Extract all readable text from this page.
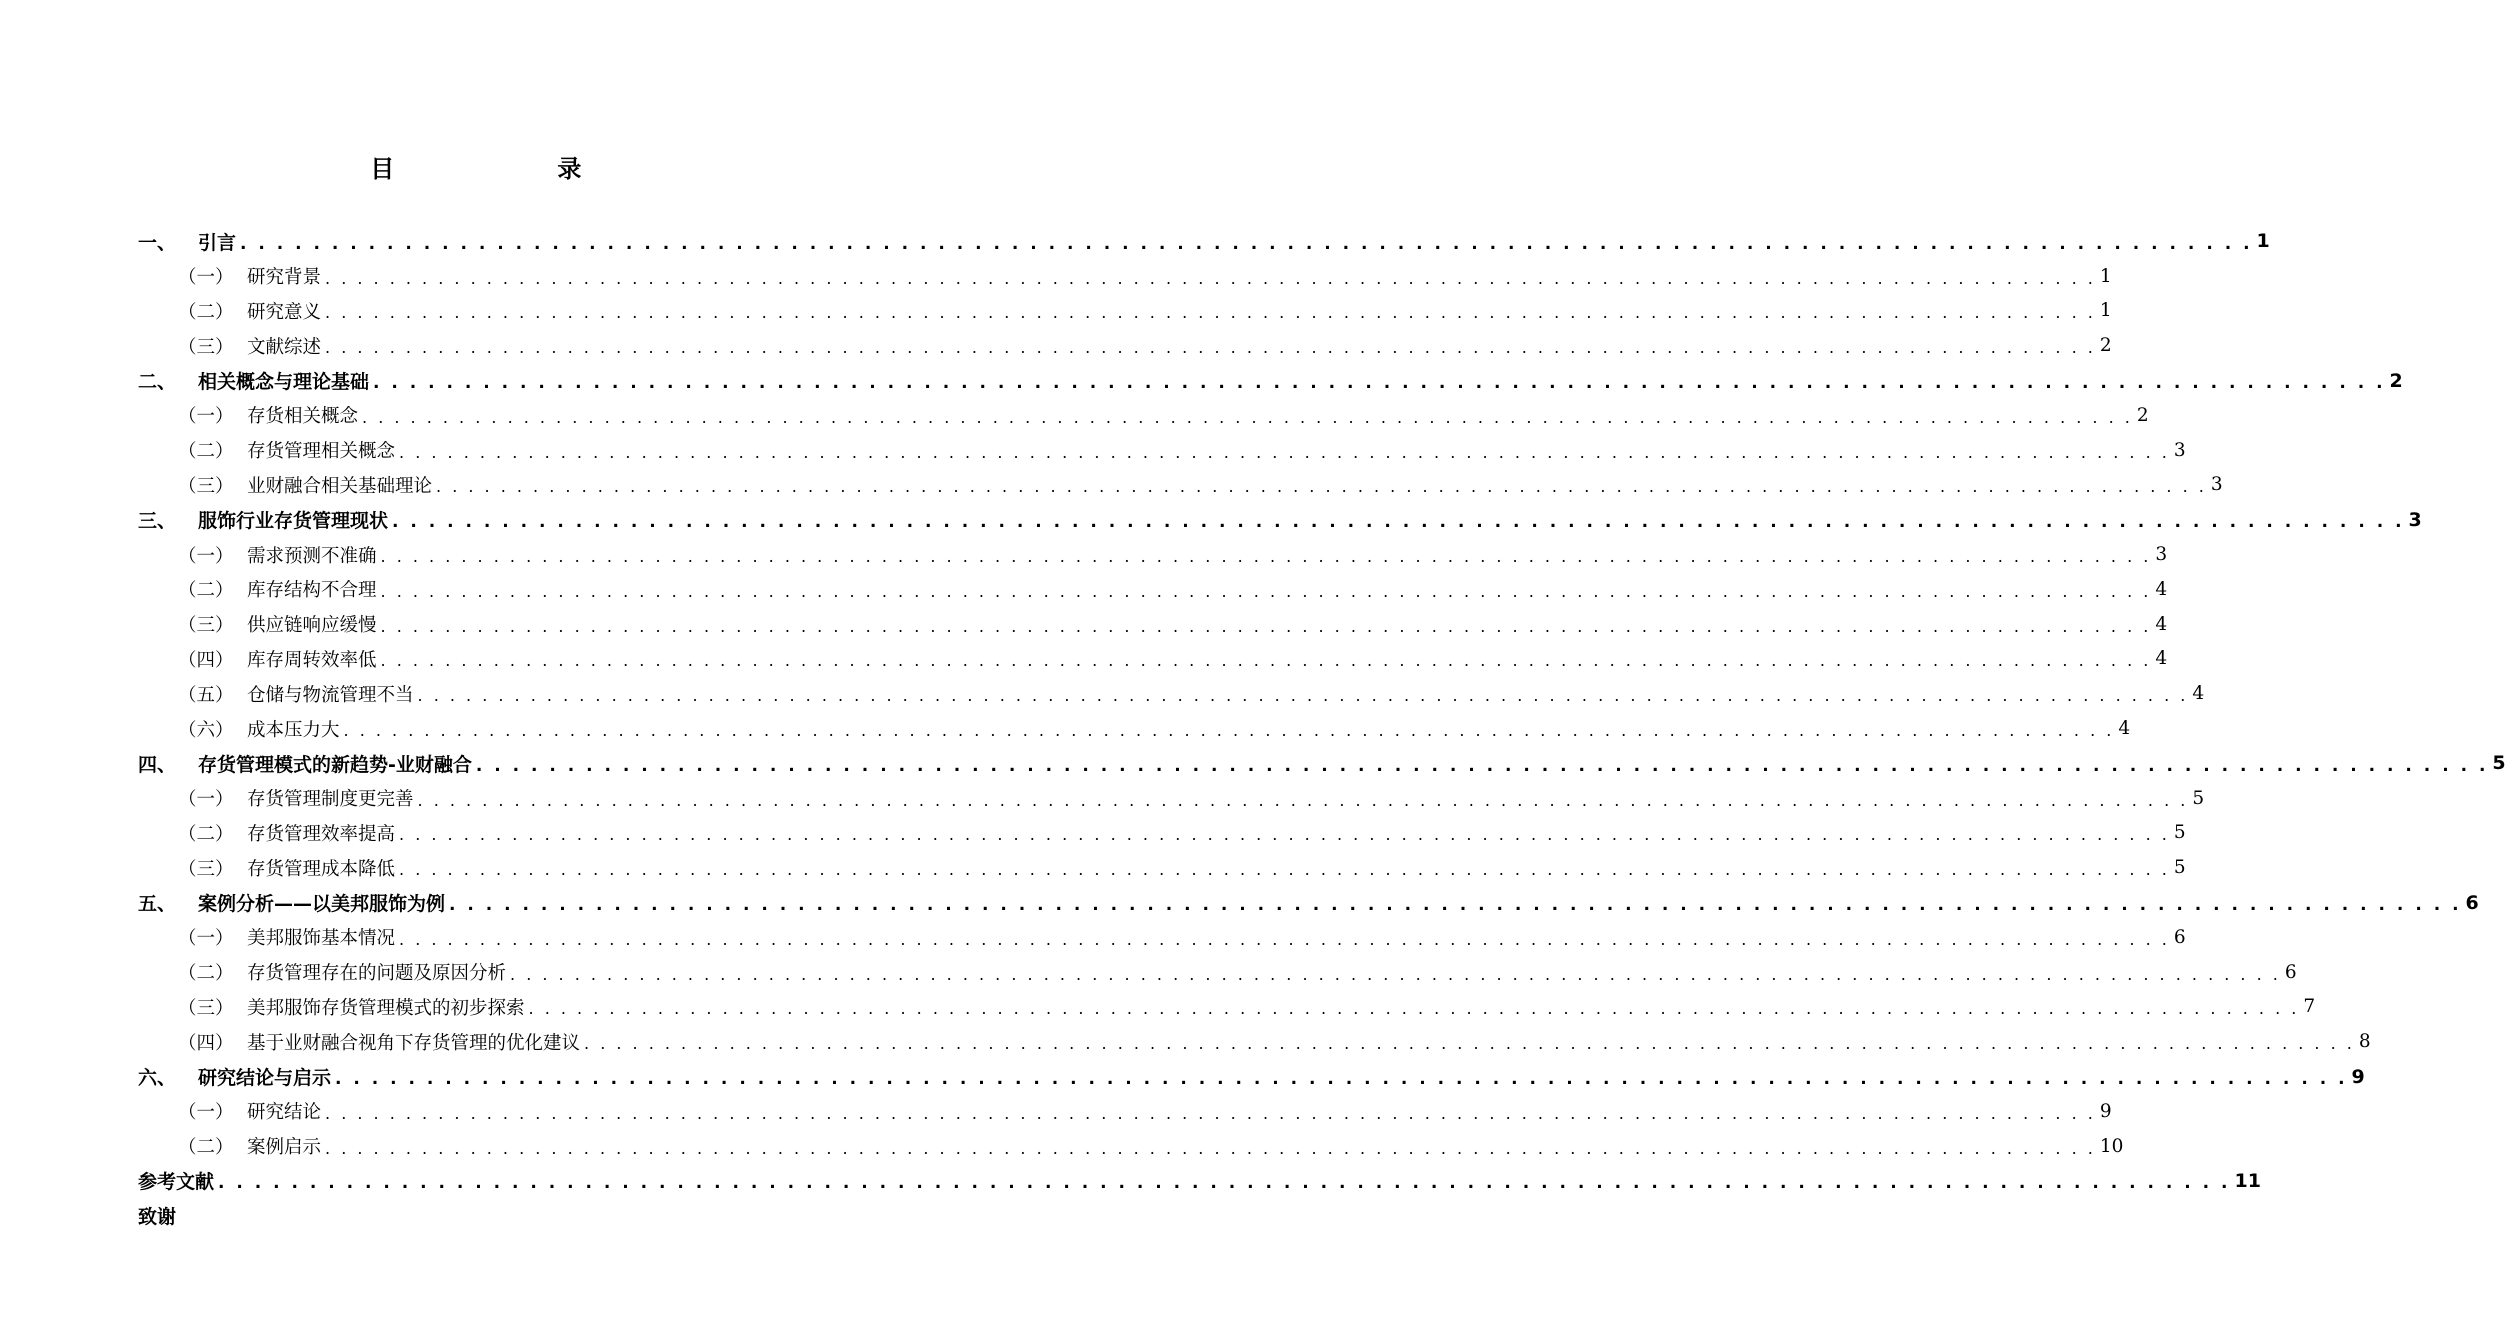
目　　录
一、 引言 . . . . . . . . . . . . . . . . . . . . . . . . . . . . . . . . . . . . . . . . . . . . . . . . . . . . . . . . . . . . . . . . . . . . . . . . . . . . . . . . . . . . . . . . . . . . . . . . . . . . . . . . . . . . . . 1
（一） 研究背景 . . . . . . . . . . . . . . . . . . . . . . . . . . . . . . . . . . . . . . . . . . . . . . . . . . . . . . . . . . . . . . . . . . . . . . . . . . . . . . . . . . . . . . . . . . . . . . . . . . . . . . . . . . . . . . 1
（二） 研究意义 . . . . . . . . . . . . . . . . . . . . . . . . . . . . . . . . . . . . . . . . . . . . . . . . . . . . . . . . . . . . . . . . . . . . . . . . . . . . . . . . . . . . . . . . . . . . . . . . . . . . . . . . . . . . . . 1
（三） 文献综述 . . . . . . . . . . . . . . . . . . . . . . . . . . . . . . . . . . . . . . . . . . . . . . . . . . . . . . . . . . . . . . . . . . . . . . . . . . . . . . . . . . . . . . . . . . . . . . . . . . . . . . . . . . . . . . 2
二、 相关概念与理论基础 . . . . . . . . . . . . . . . . . . . . . . . . . . . . . . . . . . . . . . . . . . . . . . . . . . . . . . . . . . . . . . . . . . . . . . . . . . . . . . . . . . . . . . . . . . . . . . . . . . . . . . . . . . . . . . 2
（一） 存货相关概念 . . . . . . . . . . . . . . . . . . . . . . . . . . . . . . . . . . . . . . . . . . . . . . . . . . . . . . . . . . . . . . . . . . . . . . . . . . . . . . . . . . . . . . . . . . . . . . . . . . . . . . . . . . . . . . 2
（二） 存货管理相关概念 . . . . . . . . . . . . . . . . . . . . . . . . . . . . . . . . . . . . . . . . . . . . . . . . . . . . . . . . . . . . . . . . . . . . . . . . . . . . . . . . . . . . . . . . . . . . . . . . . . . . . . . . . . . . . . 3
（三） 业财融合相关基础理论 . . . . . . . . . . . . . . . . . . . . . . . . . . . . . . . . . . . . . . . . . . . . . . . . . . . . . . . . . . . . . . . . . . . . . . . . . . . . . . . . . . . . . . . . . . . . . . . . . . . . . . . . . . . . . . 3
三、 服饰行业存货管理现状 . . . . . . . . . . . . . . . . . . . . . . . . . . . . . . . . . . . . . . . . . . . . . . . . . . . . . . . . . . . . . . . . . . . . . . . . . . . . . . . . . . . . . . . . . . . . . . . . . . . . . . . . . . . . . . 3
（一） 需求预测不准确 . . . . . . . . . . . . . . . . . . . . . . . . . . . . . . . . . . . . . . . . . . . . . . . . . . . . . . . . . . . . . . . . . . . . . . . . . . . . . . . . . . . . . . . . . . . . . . . . . . . . . . . . . . . . . . 3
（二） 库存结构不合理 . . . . . . . . . . . . . . . . . . . . . . . . . . . . . . . . . . . . . . . . . . . . . . . . . . . . . . . . . . . . . . . . . . . . . . . . . . . . . . . . . . . . . . . . . . . . . . . . . . . . . . . . . . . . . . 4
（三） 供应链响应缓慢 . . . . . . . . . . . . . . . . . . . . . . . . . . . . . . . . . . . . . . . . . . . . . . . . . . . . . . . . . . . . . . . . . . . . . . . . . . . . . . . . . . . . . . . . . . . . . . . . . . . . . . . . . . . . . . 4
（四） 库存周转效率低 . . . . . . . . . . . . . . . . . . . . . . . . . . . . . . . . . . . . . . . . . . . . . . . . . . . . . . . . . . . . . . . . . . . . . . . . . . . . . . . . . . . . . . . . . . . . . . . . . . . . . . . . . . . . . . 4
（五） 仓储与物流管理不当 . . . . . . . . . . . . . . . . . . . . . . . . . . . . . . . . . . . . . . . . . . . . . . . . . . . . . . . . . . . . . . . . . . . . . . . . . . . . . . . . . . . . . . . . . . . . . . . . . . . . . . . . . . . . . . 4
（六） 成本压力大 . . . . . . . . . . . . . . . . . . . . . . . . . . . . . . . . . . . . . . . . . . . . . . . . . . . . . . . . . . . . . . . . . . . . . . . . . . . . . . . . . . . . . . . . . . . . . . . . . . . . . . . . . . . . . . 4
四、 存货管理模式的新趋势-业财融合 . . . . . . . . . . . . . . . . . . . . . . . . . . . . . . . . . . . . . . . . . . . . . . . . . . . . . . . . . . . . . . . . . . . . . . . . . . . . . . . . . . . . . . . . . . . . . . . . . . . . . . . . . . . . . . 5
（一） 存货管理制度更完善 . . . . . . . . . . . . . . . . . . . . . . . . . . . . . . . . . . . . . . . . . . . . . . . . . . . . . . . . . . . . . . . . . . . . . . . . . . . . . . . . . . . . . . . . . . . . . . . . . . . . . . . . . . . . . . 5
（二） 存货管理效率提高 . . . . . . . . . . . . . . . . . . . . . . . . . . . . . . . . . . . . . . . . . . . . . . . . . . . . . . . . . . . . . . . . . . . . . . . . . . . . . . . . . . . . . . . . . . . . . . . . . . . . . . . . . . . . . . 5
（三） 存货管理成本降低 . . . . . . . . . . . . . . . . . . . . . . . . . . . . . . . . . . . . . . . . . . . . . . . . . . . . . . . . . . . . . . . . . . . . . . . . . . . . . . . . . . . . . . . . . . . . . . . . . . . . . . . . . . . . . . 5
五、 案例分析——以美邦服饰为例 . . . . . . . . . . . . . . . . . . . . . . . . . . . . . . . . . . . . . . . . . . . . . . . . . . . . . . . . . . . . . . . . . . . . . . . . . . . . . . . . . . . . . . . . . . . . . . . . . . . . . . . . . . . . . . 6
（一） 美邦服饰基本情况 . . . . . . . . . . . . . . . . . . . . . . . . . . . . . . . . . . . . . . . . . . . . . . . . . . . . . . . . . . . . . . . . . . . . . . . . . . . . . . . . . . . . . . . . . . . . . . . . . . . . . . . . . . . . . . 6
（二） 存货管理存在的问题及原因分析 . . . . . . . . . . . . . . . . . . . . . . . . . . . . . . . . . . . . . . . . . . . . . . . . . . . . . . . . . . . . . . . . . . . . . . . . . . . . . . . . . . . . . . . . . . . . . . . . . . . . . . . . . . . . . . 6
（三） 美邦服饰存货管理模式的初步探索 . . . . . . . . . . . . . . . . . . . . . . . . . . . . . . . . . . . . . . . . . . . . . . . . . . . . . . . . . . . . . . . . . . . . . . . . . . . . . . . . . . . . . . . . . . . . . . . . . . . . . . . . . . . . . . 7
（四） 基于业财融合视角下存货管理的优化建议 . . . . . . . . . . . . . . . . . . . . . . . . . . . . . . . . . . . . . . . . . . . . . . . . . . . . . . . . . . . . . . . . . . . . . . . . . . . . . . . . . . . . . . . . . . . . . . . . . . . . . . . . . . . . . . 8
六、 研究结论与启示 . . . . . . . . . . . . . . . . . . . . . . . . . . . . . . . . . . . . . . . . . . . . . . . . . . . . . . . . . . . . . . . . . . . . . . . . . . . . . . . . . . . . . . . . . . . . . . . . . . . . . . . . . . . . . . 9
（一） 研究结论 . . . . . . . . . . . . . . . . . . . . . . . . . . . . . . . . . . . . . . . . . . . . . . . . . . . . . . . . . . . . . . . . . . . . . . . . . . . . . . . . . . . . . . . . . . . . . . . . . . . . . . . . . . . . . . 9
（二） 案例启示 . . . . . . . . . . . . . . . . . . . . . . . . . . . . . . . . . . . . . . . . . . . . . . . . . . . . . . . . . . . . . . . . . . . . . . . . . . . . . . . . . . . . . . . . . . . . . . . . . . . . . . . . . . . . . . 10
参考文献 . . . . . . . . . . . . . . . . . . . . . . . . . . . . . . . . . . . . . . . . . . . . . . . . . . . . . . . . . . . . . . . . . . . . . . . . . . . . . . . . . . . . . . . . . . . . . . . . . . . . . . . . . . . . . . 11
致谢
